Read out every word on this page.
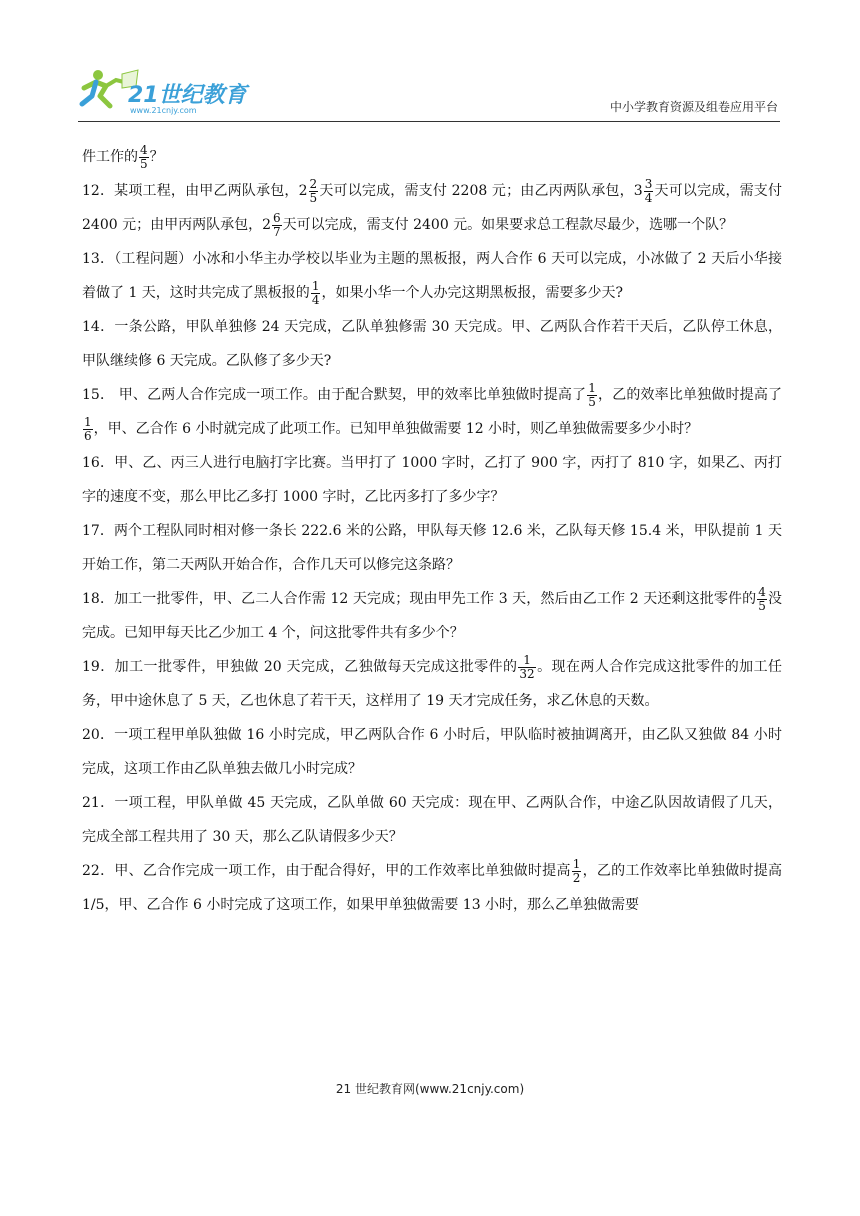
21世纪教育
www.21cnjy.com	中小学教育资源及组卷应用平台

件工作的 $\frac{4}{5}$ ？

12．某项工程，由甲乙两队承包，$2 \frac{2}{5}$ 天可以完成，需支付 2208 元；由乙丙两队承包，$3 \frac{3}{4}$ 天可以完成，需支付 2400 元；由甲丙两队承包，$2 \frac{6}{7}$ 天可以完成，需支付 2400 元。如果要求总工程款尽最少，选哪一个队？

13．（工程问题）小冰和小华主办学校以毕业为主题的黑板报，两人合作 6 天可以完成，小冰做了 2 天后小华接着做了 1 天，这时共完成了黑板报的 $\frac{1}{4}$ ，如果小华一个人办完这期黑板报，需要多少天?

14．一条公路，甲队单独修 24 天完成，乙队单独修需 30 天完成。甲、乙两队合作若干天后，乙队停工休息，甲队继续修 6 天完成。乙队修了多少天?

15． 甲、乙两人合作完成一项工作。由于配合默契，甲的效率比单独做时提高了 $\frac{1}{5}$ ，乙的效率比单独做时提高了
$\frac{1}{6}$ ，甲、乙合作 6 小时就完成了此项工作。已知甲单独做需要 12 小时，则乙单独做需要多少小时？

16．甲、乙、丙三人进行电脑打字比赛。当甲打了 1000 字时，乙打了 900 字，丙打了 810 字，如果乙、丙打字的速度不变，那么甲比乙多打 1000 字时，乙比丙多打了多少字？

17．两个工程队同时相对修一条长 222.6 米的公路，甲队每天修 12.6 米，乙队每天修 15.4 米，甲队提前 1 天开始工作，第二天两队开始合作，合作几天可以修完这条路？

18．加工一批零件，甲、乙二人合作需 12 天完成；现由甲先工作 3 天，然后由乙工作 2 天还剩这批零件的 $\frac{4}{5}$ 没完成。已知甲每天比乙少加工 4 个，问这批零件共有多少个？

19．加工一批零件，甲独做 20 天完成，乙独做每天完成这批零件的 $\frac{1}{32}$ 。现在两人合作完成这批零件的加工任务，甲中途休息了 5 天，乙也休息了若干天，这样用了 19 天才完成任务，求乙休息的天数。

20．一项工程甲单队独做 16 小时完成，甲乙两队合作 6 小时后，甲队临时被抽调离开，由乙队又独做 84 小时完成，这项工作由乙队单独去做几小时完成？

21．一项工程，甲队单做 45 天完成，乙队单做 60 天完成：现在甲、乙两队合作，中途乙队因故请假了几天，完成全部工程共用了 30 天，那么乙队请假多少天？

22．甲、乙合作完成一项工作，由于配合得好，甲的工作效率比单独做时提高 $\frac{1}{2}$ ，乙的工作效率比单独做时提高 1/5，甲、乙合作 6 小时完成了这项工作，如果甲单独做需要 13 小时，那么乙单独做需要

21 世纪教育网(www.21cnjy.com)
